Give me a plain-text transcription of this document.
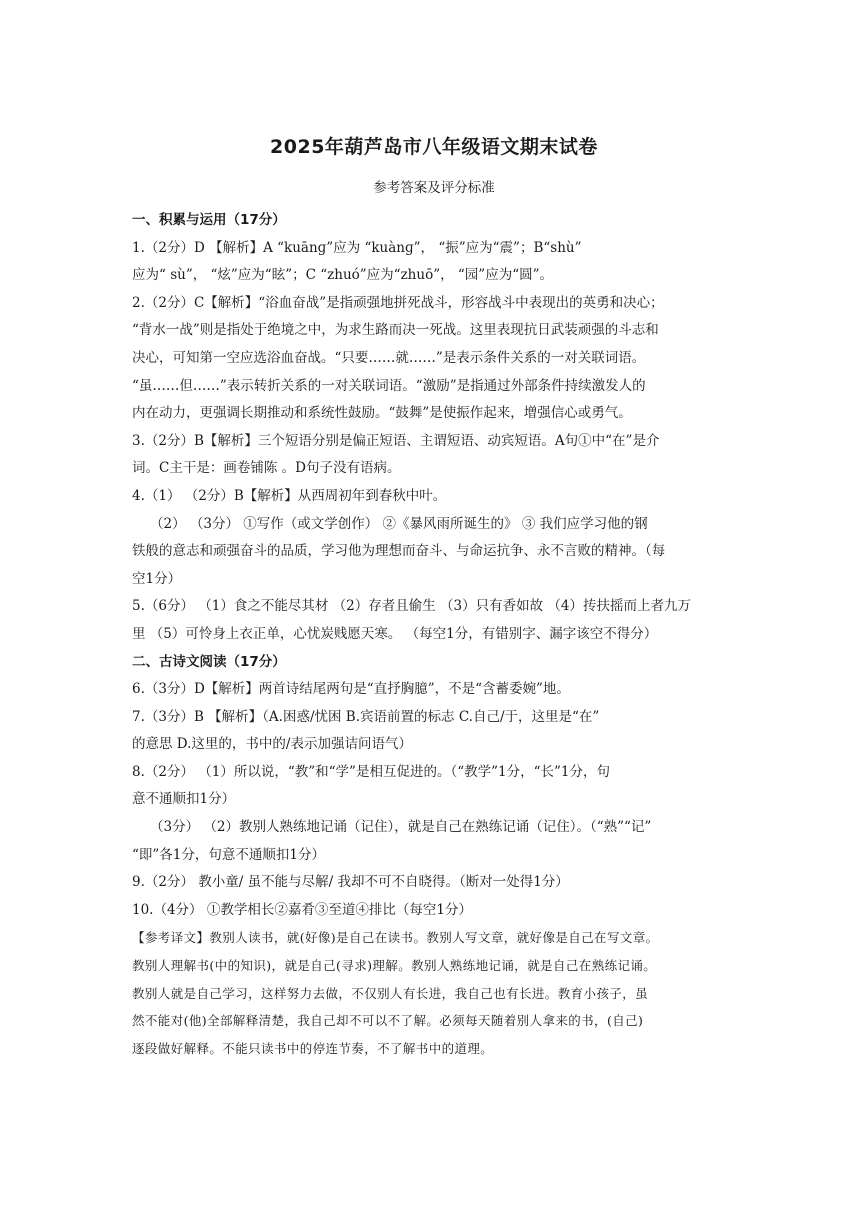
2025年葫芦岛市八年级语文期末试卷
参考答案及评分标准
一、积累与运用（17分）
1.（2分）D 【解析】A “kuānɡ”应为 “kuànɡ”， “振”应为“震”；B“shù”
应为“ sù”， “炫”应为“眩”；C “zhuó”应为“zhuō”， “园”应为“圆”。
2.（2分）C【解析】“浴血奋战”是指顽强地拼死战斗，形容战斗中表现出的英勇和决心；
“背水一战”则是指处于绝境之中，为求生路而决一死战。这里表现抗日武装顽强的斗志和
决心，可知第一空应选浴血奋战。“只要……就……”是表示条件关系的一对关联词语。
“虽……但……”表示转折关系的一对关联词语。“激励”是指通过外部条件持续激发人的
内在动力，更强调长期推动和系统性鼓励。“鼓舞”是使振作起来，增强信心或勇气。
3.（2分）B【解析】三个短语分别是偏正短语、主谓短语、动宾短语。A句①中“在”是介
词。C主干是：画卷铺陈 。D句子没有语病。
4.（1） （2分）B【解析】从西周初年到春秋中叶。
（2） （3分） ①写作（或文学创作） ②《暴风雨所诞生的》 ③ 我们应学习他的钢
铁般的意志和顽强奋斗的品质，学习他为理想而奋斗、与命运抗争、永不言败的精神。（每
空1分）
5.（6分） （1）食之不能尽其材 （2）存者且偷生 （3）只有香如故 （4）抟扶摇而上者九万
里 （5）可怜身上衣正单，心忧炭贱愿天寒。 （每空1分，有错别字、漏字该空不得分）
二、古诗文阅读（17分）
6.（3分）D【解析】两首诗结尾两句是“直抒胸臆”，不是“含蓄委婉”地。
7.（3分）B 【解析】（A.困惑/忧困 B.宾语前置的标志 C.自己/于，这里是“在”
的意思 D.这里的，书中的/表示加强诘问语气）
8.（2分） （1）所以说，“教”和“学”是相互促进的。（“教学”1分，“长”1分，句
意不通顺扣1分）
（3分） （2）教别人熟练地记诵（记住），就是自己在熟练记诵（记住）。（“熟”“记”
“即”各1分，句意不通顺扣1分）
9.（2分） 教小童/ 虽不能与尽解/ 我却不可不自晓得。（断对一处得1分）
10.（4分） ①教学相长②嘉肴③至道④排比（每空1分）
【参考译文】教别人读书，就(好像)是自己在读书。教别人写文章，就好像是自己在写文章。
教别人理解书(中的知识)，就是自己(寻求)理解。教别人熟练地记诵，就是自己在熟练记诵。
教别人就是自己学习，这样努力去做，不仅别人有长进，我自己也有长进。教育小孩子，虽
然不能对(他)全部解释清楚，我自己却不可以不了解。必须每天随着别人拿来的书，(自己)
逐段做好解释。不能只读书中的停连节奏，不了解书中的道理。
